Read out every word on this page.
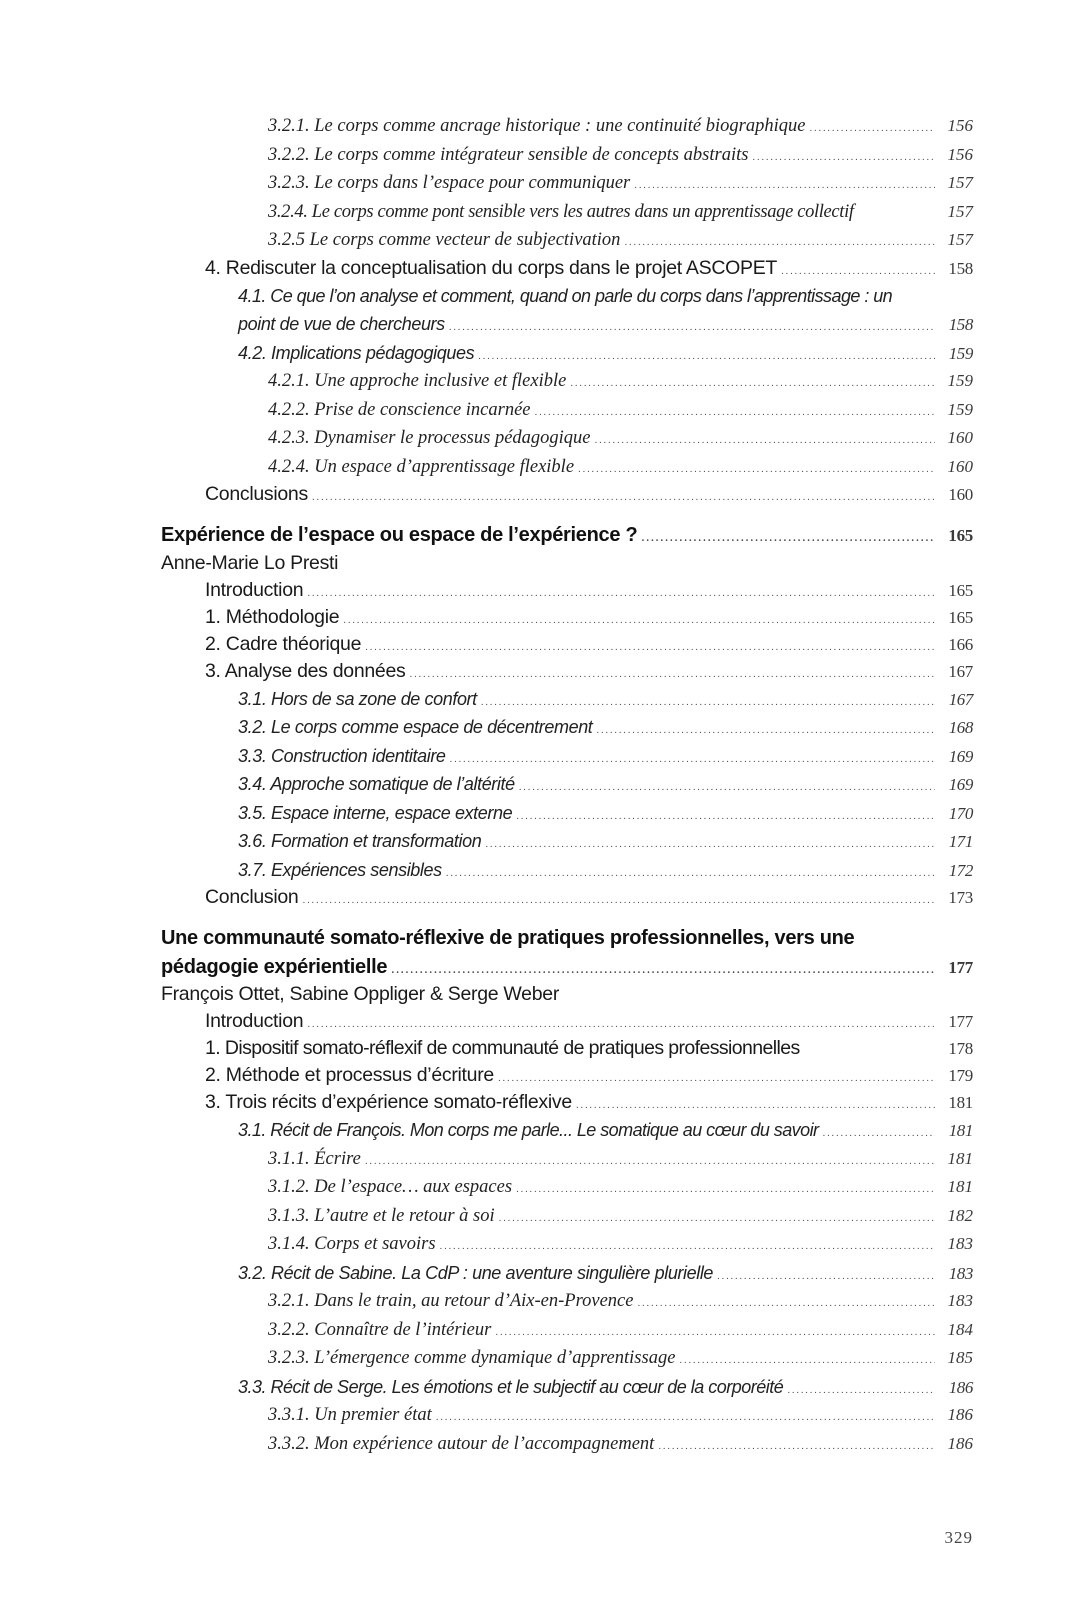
3.2.1. Le corps comme ancrage historique : une continuité biographique .....	156
3.2.2. Le corps comme intégrateur sensible de concepts abstraits .....	156
3.2.3. Le corps dans l’espace pour communiquer .....	157
3.2.4. Le corps comme pont sensible vers les autres dans un apprentissage collectif	157
3.2.5 Le corps comme vecteur de subjectivation .....	157
4. Rediscuter la conceptualisation du corps dans le projet ASCOPET .....	158
4.1. Ce que l’on analyse et comment, quand on parle du corps dans l’apprentissage : un
point de vue de chercheurs .....	158
4.2. Implications pédagogiques .....	159
4.2.1. Une approche inclusive et flexible .....	159
4.2.2. Prise de conscience incarnée .....	159
4.2.3. Dynamiser le processus pédagogique .....	160
4.2.4. Un espace d’apprentissage flexible .....	160
Conclusions .....	160
Expérience de l’espace ou espace de l’expérience ? .....	165
Anne-Marie Lo Presti
Introduction .....	165
1. Méthodologie .....	165
2. Cadre théorique .....	166
3. Analyse des données .....	167
3.1. Hors de sa zone de confort .....	167
3.2. Le corps comme espace de décentrement .....	168
3.3. Construction identitaire .....	169
3.4. Approche somatique de l’altérité .....	169
3.5. Espace interne, espace externe .....	170
3.6. Formation et transformation .....	171
3.7. Expériences sensibles .....	172
Conclusion .....	173
Une communauté somato-réflexive de pratiques professionnelles, vers une
pédagogie expérientielle .....	177
François Ottet, Sabine Oppliger & Serge Weber
Introduction .....	177
1. Dispositif somato-réflexif de communauté de pratiques professionnelles	178
2. Méthode et processus d’écriture .....	179
3. Trois récits d’expérience somato-réflexive .....	181
3.1. Récit de François. Mon corps me parle... Le somatique au cœur du savoir .....	181
3.1.1. Écrire .....	181
3.1.2. De l’espace… aux espaces .....	181
3.1.3. L’autre et le retour à soi .....	182
3.1.4. Corps et savoirs .....	183
3.2. Récit de Sabine. La CdP : une aventure singulière plurielle .....	183
3.2.1. Dans le train, au retour d’Aix-en-Provence .....	183
3.2.2. Connaître de l’intérieur .....	184
3.2.3. L’émergence comme dynamique d’apprentissage .....	185
3.3. Récit de Serge. Les émotions et le subjectif au cœur de la corporéité .....	186
3.3.1. Un premier état .....	186
3.3.2. Mon expérience autour de l’accompagnement .....	186
329
